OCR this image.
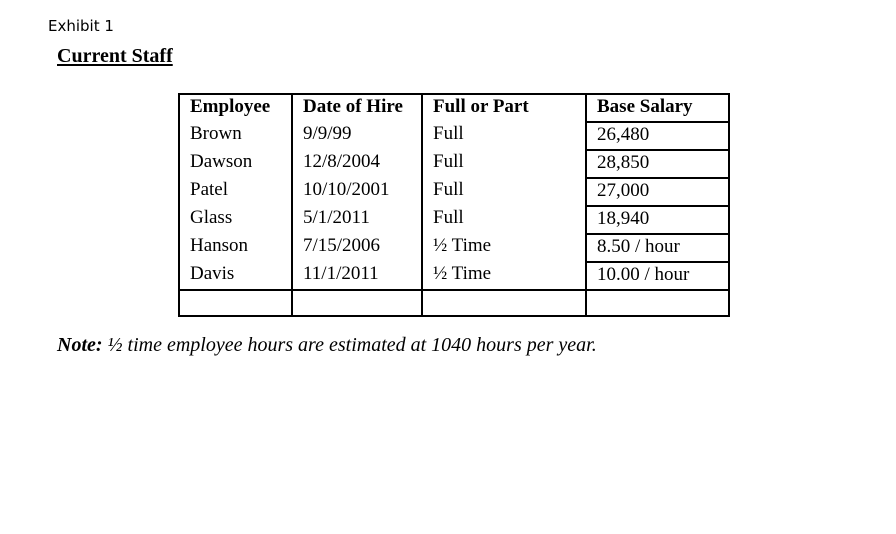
Exhibit 1
Current Staff
Employee	Date of Hire	Full or Part	Base Salary
Brown	9/9/99	Full	26,480
Dawson	12/8/2004	Full	28,850
Patel	10/10/2001	Full	27,000
Glass	5/1/2011	Full	18,940
Hanson	7/15/2006	½ Time	8.50 / hour
Davis	11/1/2011	½ Time	10.00 / hour

Note: ½ time employee hours are estimated at 1040 hours per year.
